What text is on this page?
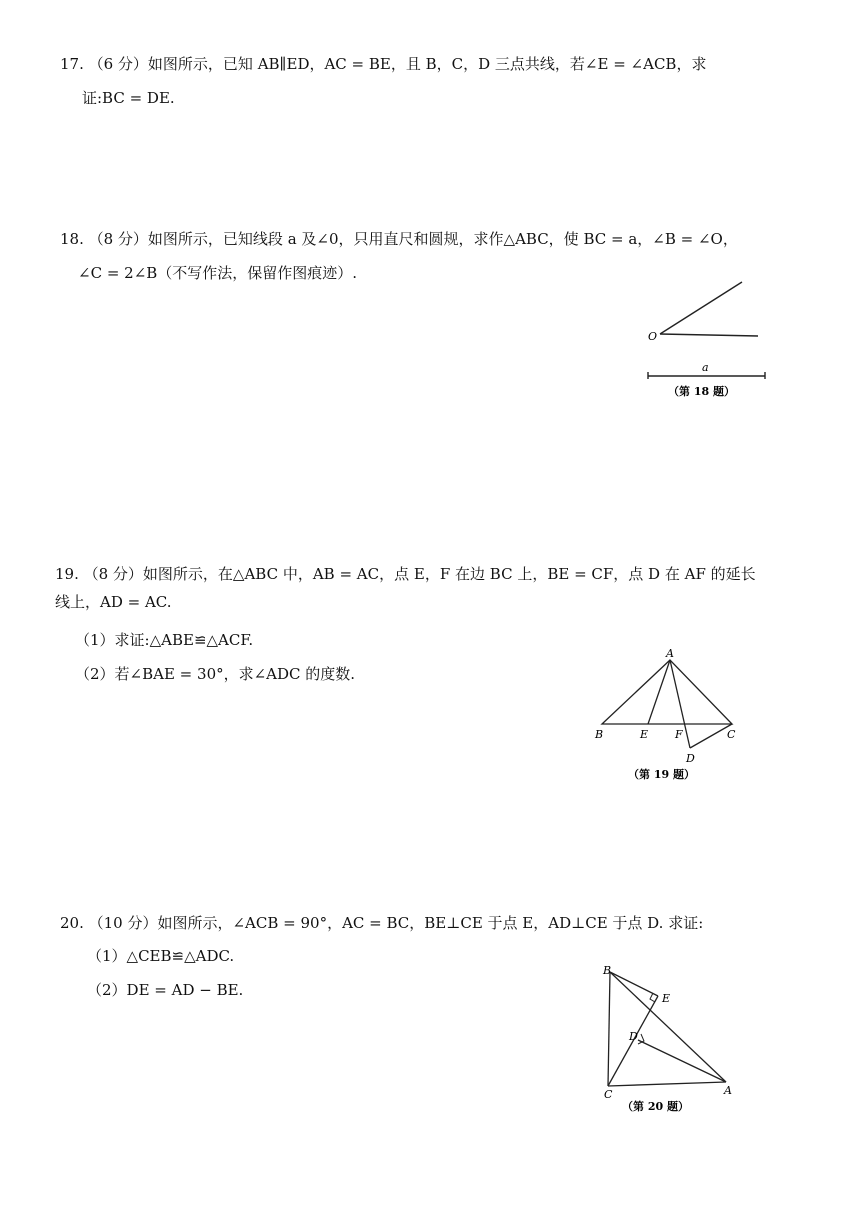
17. （6 分）如图所示，已知 AB∥ED，AC = BE，且 B，C，D 三点共线，若∠E = ∠ACB，求
证:BC = DE.
18. （8 分）如图所示，已知线段 a 及∠0，只用直尺和圆规，求作△ABC，使 BC = a，∠B = ∠O，
∠C = 2∠B（不写作法，保留作图痕迹）.
O
a
（第 18 题）
19. （8 分）如图所示，在△ABC 中，AB = AC，点 E，F 在边 BC 上，BE = CF，点 D 在 AF 的延长
线上，AD = AC.
（1）求证:△ABE≌△ACF.
（2）若∠BAE = 30°，求∠ADC 的度数.
A
B	E F	C
D
（第 19 题）
20. （10 分）如图所示，∠ACB = 90°，AC = BC，BE⊥CE 于点 E，AD⊥CE 于点 D. 求证:
（1）△CEB≌△ADC.
（2）DE = AD − BE.
B
E
D
C	A
（第 20 题）
